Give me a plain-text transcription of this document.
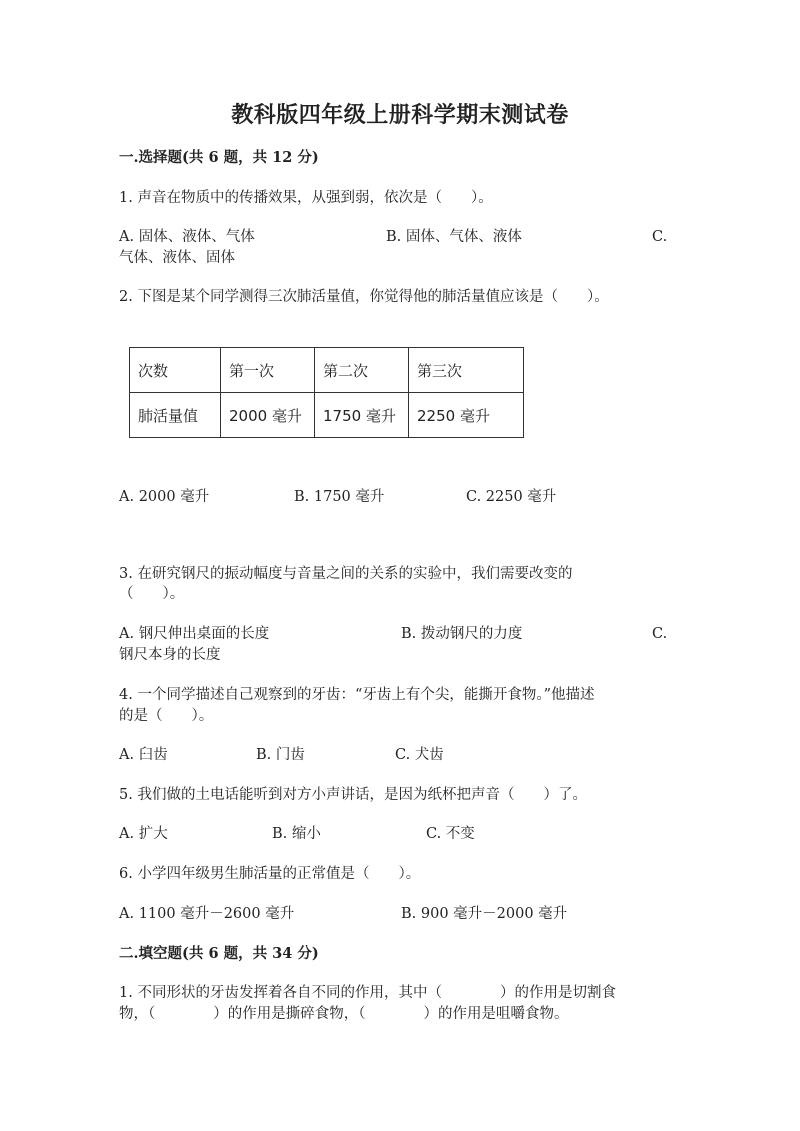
教科版四年级上册科学期末测试卷
一.选择题(共 6 题，共 12 分)
1. 声音在物质中的传播效果，从强到弱，依次是（　　）。
A. 固体、液体、气体	B. 固体、气体、液体	C.
气体、液体、固体
2. 下图是某个同学测得三次肺活量值，你觉得他的肺活量值应该是（　　）。
次数	第一次	第二次	第三次
肺活量值	2000 毫升	1750 毫升	2250 毫升
A. 2000 毫升	B. 1750 毫升	C. 2250 毫升
3. 在研究钢尺的振动幅度与音量之间的关系的实验中，我们需要改变的
（　　）。
A. 钢尺伸出桌面的长度	B. 拨动钢尺的力度	C.
钢尺本身的长度
4. 一个同学描述自己观察到的牙齿：“牙齿上有个尖，能撕开食物。”他描述
的是（　　）。
A. 臼齿	B. 门齿	C. 犬齿
5. 我们做的土电话能听到对方小声讲话，是因为纸杯把声音（　　）了。
A. 扩大	B. 缩小	C. 不变
6. 小学四年级男生肺活量的正常值是（　　）。
A. 1100 毫升－2600 毫升	B. 900 毫升－2000 毫升
二.填空题(共 6 题，共 34 分)
1. 不同形状的牙齿发挥着各自不同的作用，其中（　　　　）的作用是切割食
物，（　　　　）的作用是撕碎食物，（　　　　）的作用是咀嚼食物。
